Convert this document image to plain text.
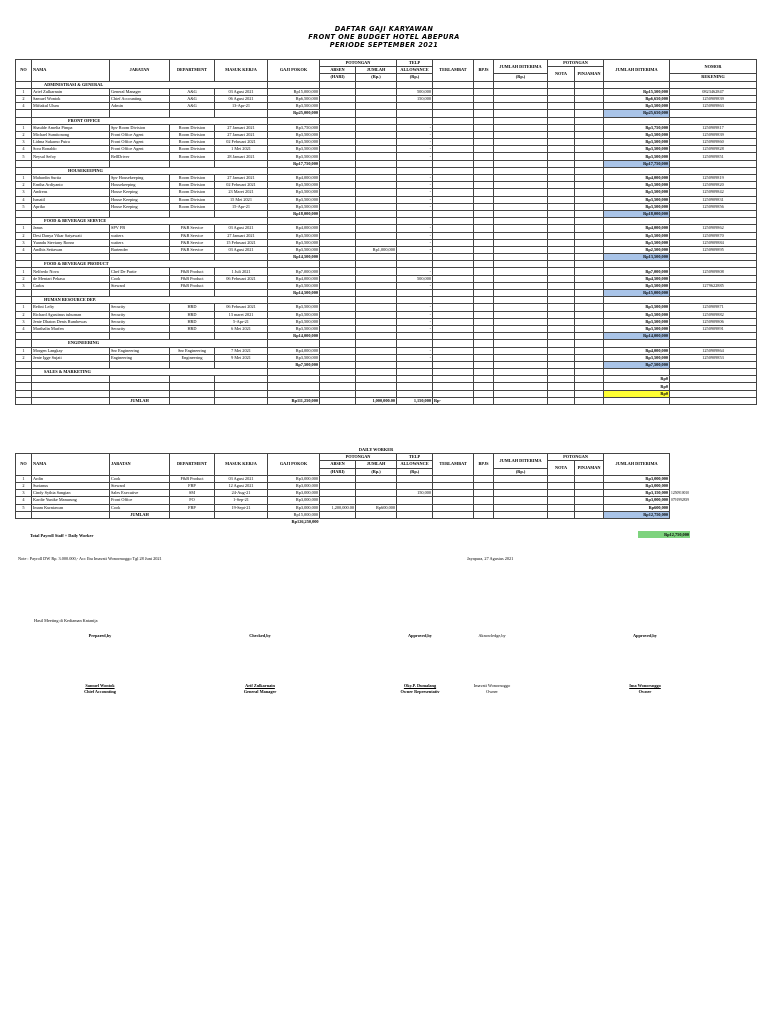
DAFTAR GAJI KARYAWAN
FRONT ONE BUDGET HOTEL ABEPURA
PERIODE SEPTEMBER 2021
NO	NAMA	JABATAN	DEPARTMENT	MASUK KERJA	GAJI POKOK	POTONGAN		TELP	TERLAMBAT	BPJS	JUMLAH DITERIMA	POTONGAN		JUMLAH DITERIMA	NOMOR
						ABSEN	JUMLAH	ALLOWANCE				NOTA	PINJAMAN		
						(HARI)	(Rp.)	(Rp.)			(Rp.)				REKENING
	ADMINISTRASI & GENERAL														
1	Arief Zulkarnain	General Manager	A&G	03 Agust 2021	Rp15,000,000			500,000						Rp15,500,000	0823462847
2	Samuel Wontok	Chief Accounting	A&G	06 Agust 2021	Rp6,500,000			150,000						Rp6,650,000	1250909839
4	Miftakul Ulum	Admin	A&G	13-Apr-21	Rp3,500,000									Rp3,500,000	1250909863
					Rp25,000,000									Rp25,650,000	
	FRONT OFFICE														
1	Shaulde Amelia Pimpa	Spv Room Division	Room Division	27 Januari 2021	Rp3,750,000			-						Rp3,750,000	1250909817
2	Michael Sumitonong	Front Office Agent	Room Division	27 Januari 2021	Rp3,500,000			-						Rp3,500,000	1250909839
3	Lidma Sukarno Putra	Front Office Agent	Room Division	02 Februari 2021	Rp3,500,000			-						Rp3,500,000	1250909860
4	Sora Ronaldo	Front Office Agent	Room Division	1 Mei 2021	Rp3,500,000			-						Rp3,500,000	1250909828
5	Neysal Sefoy	BellDriver	Room Division	28 Januari 2021	Rp3,500,000			-						Rp3,500,000	1250909851
					Rp17,750,000									Rp17,750,000	
	HOUSEKEEPING														
1	Mahardin Surtia	Spv Housekeeping	Room Division	27 Januari 2021	Rp4,000,000			-						Rp4,000,000	1250909819
2	Erntha Ardiyanto	Housekeeping	Room Division	02 Februari 2021	Rp3,500,000			-						Rp3,500,000	1250909820
3	Andreas	House Keeping	Room Division	23 Maret 2021	Rp3,500,000			-						Rp3,500,000	1250909842
4	Ismatil	House Keeping	Room Division	15 Mei 2021	Rp3,500,000			-						Rp3,500,000	1250909831
5	Apriko	House Keeping	Room Division	15-Apr-21	Rp3,500,000			-						Rp3,500,000	1250909856
					Rp18,000,000									Rp18,000,000	
	FOOD & BEVERAGE SERVICE														
1	Janus	SPV FB	F&B Service	03 Agust 2021	Rp4,000,000			-						Rp4,000,000	1250909862
2	Desi Danya Vikar Satyawati	waiters	F&B Service	27 Januari 2021	Rp3,500,000			-						Rp3,500,000	1250909870
3	Yuandu Steviany Ronnr	waiters	F&B Service	15 Februari 2021	Rp3,500,000			-						Rp3,500,000	1250909884
4	Andhis Setiawan	Bartender	F&B Service	03 Agust 2021	Rp3,500,000		Rp1,000,000	-						Rp2,500,000	1250909895
					Rp14,500,000									Rp13,500,000	
	FOOD & BEVERAGE PRODUCT														
1	Nelfredo Nova	Chef De Partie	F&B Product	1 Juli 2021	Rp7,000,000			-						Rp7,000,000	1250909808
2	de Mentari Pekasa	Cook	F&B Product	06 Februari 2021	Rp4,000,000			500,000						Rp4,500,000	
3	Carlos	Steward	F&B Product		Rp3,500,000			-						Rp3,500,000	1279622885
					Rp14,500,000									Rp15,000,000	
	HUMAN RESOURCE DEP.														
1	Refini Lefty	Security	HRD	06 Februari 2021	Rp3,500,000			-						Rp3,500,000	1250909871
2	Richard Agustinus tuhurnan	Security	HRD	13 maret 2021	Rp3,500,000			-						Rp3,500,000	1250909882
3	Jenie Dhaton Denis Rumbewas	Security	HRD	5-Apr-21	Rp3,500,000			-						Rp3,500,000	1250909806
4	Marthalin Marfen	Security	HRD	6 Mei 2021	Rp3,500,000			-						Rp3,500,000	1250909891
					Rp14,000,000									Rp14,000,000	
	ENGINEERING														
1	Morgen Langkay	Snr Engineering	Snr Engineering	7 Mei 2021	Rp4,000,000			-						Rp4,000,000	1250909864
2	Jenie Igge Sujati	Engineering	Engineering	9 Mei 2021	Rp3,500,000			-						Rp3,500,000	1250909853
					Rp7,500,000									Rp7,500,000	
	SALES & MARKETING														
														Rp0	
														Rp0	
														Rp0	
		JUMLAH			Rp111,250,000		1,000,000.00	1,150,000	Rp-						
						DAILY WORKER									
NO	NAMA	JABATAN	DEPARTMENT	MASUK KERJA	GAJI POKOK	POTONGAN		TELP	TERLAMBAT	BPJS	JUMLAH DITERIMA	POTONGAN		JUMLAH DITERIMA	
						ABSEN	JUMLAH	ALLOWANCE				NOTA	PINJAMAN		
						(HARI)	(Rp.)	(Rp.)			(Rp.)				
1	Ardin	Cook	F&B Product	03 Agust 2021	Rp3,000,000									Rp3,000,000	
2	Surianus	Steward	FBP	12 Agust 2021	Rp3,000,000									Rp3,000,000	
3	Cindy Sythia Sangian	Sales Executive	SM	24-Aug-21	Rp3,000,000			150,000						Rp3,150,000	1250910010
4	Kardie Yunike Manurung	Front Office	FO	1-Sep-21	Rp3,000,000									Rp3,000,000	0791992839
5	Imam Kurniawan	Cook	FBP	19-Sept-21	Rp3,000,000	1,200,000.00	Rp600,000							Rp600,000	
		JUMLAH			Rp15,000,000									Rp12,750,000	
					Rp126,250,000										
Total Payroll Staff + Daily Worker	Rp12,750,000
Note : Payroll DW Rp. 3.000.000,- Acc Ibu Imavati Wonormoggo Tgl 28 Juni 2021	Jayapura, 27 Agustus 2021
Hasil Meeting di Kediaman Kntanija
Prepared,by
Samuel Wontok
Chief Accounting
Checked,by
Arif Zulkarnain
General Manager
Approved,by
Oky.P. Dumalang
Owner Representativ
Aknowledge,by
Imavati Wonornoggo
Owner
Approved,by
Ima Wonorsnggo
Owner
